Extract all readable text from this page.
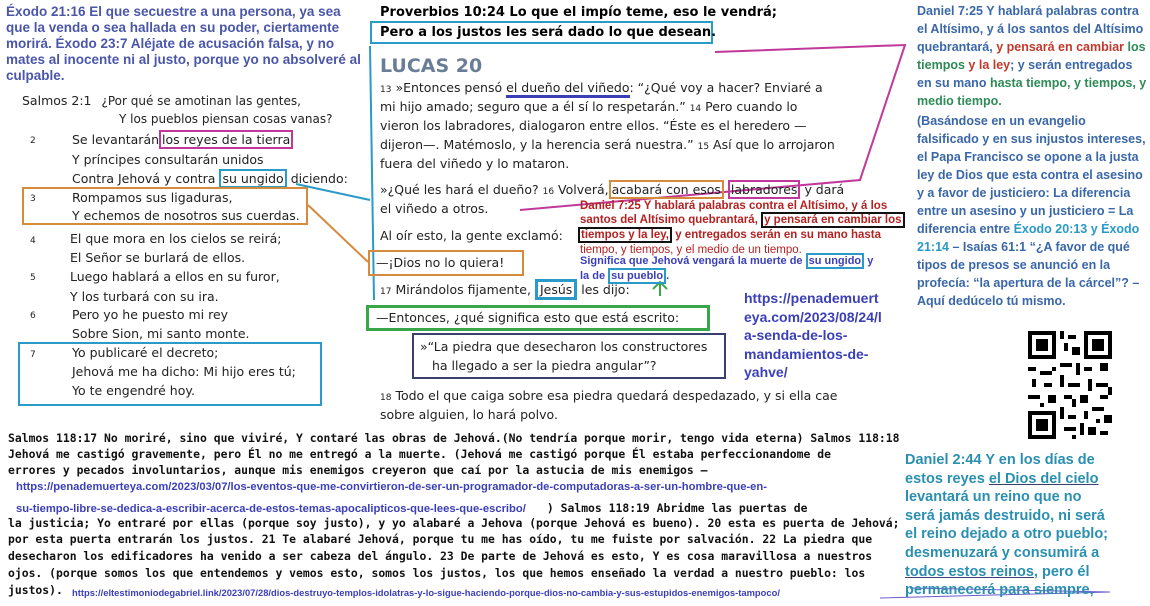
Éxodo 21:16 El que secuestre a una persona, ya sea que la venda o sea hallada en su poder, ciertamente morirá. Éxodo 23:7 Aléjate de acusación falsa, y no mates al inocente ni al justo, porque yo no absolveré al culpable.
Salmos 2:1 ¿Por qué se amotinan las gentes,
Y los pueblos piensan cosas vanas?
2	Se levantarán los reyes de la tierra
Y príncipes consultarán unidos
Contra Jehová y contra su ungido diciendo:
3	Rompamos sus ligaduras,
Y echemos de nosotros sus cuerdas.
4	El que mora en los cielos se reirá;
El Señor se burlará de ellos.
5	Luego hablará a ellos en su furor,
Y los turbará con su ira.
6	Pero yo he puesto mi rey
Sobre Sion, mi santo monte.
7	Yo publicaré el decreto;
Jehová me ha dicho: Mi hijo eres tú;
Yo te engendré hoy.
Proverbios 10:24 Lo que el impío teme, eso le vendrá;
Pero a los justos les será dado lo que desean.
LUCAS 20
13 »Entonces pensó el dueño del viñedo: “¿Qué voy a hacer? Enviaré a
mi hijo amado; seguro que a él sí lo respetarán.” 14 Pero cuando lo
vieron los labradores, dialogaron entre ellos. “Éste es el heredero —
dijeron—. Matémoslo, y la herencia será nuestra.” 15 Así que lo arrojaron
fuera del viñedo y lo mataron.
»¿Qué les hará el dueño? 16 Volverá, acabará con esos labradores y dará
el viñedo a otros.
Al oír esto, la gente exclamó:
—¡Dios no lo quiera!
17 Mirándolos fijamente, Jesús les dijo:
—Entonces, ¿qué significa esto que está escrito:
»“La piedra que desecharon los constructores
ha llegado a ser la piedra angular”?
18 Todo el que caiga sobre esa piedra quedará despedazado, y si ella cae
sobre alguien, lo hará polvo.
Daniel 7:25 Y hablará palabras contra el Altísimo, y á los
santos del Altísimo quebrantará, y pensará en cambiar los
tiempos y la ley, y entregados serán en su mano hasta
tiempo, y tiempos, y el medio de un tiempo.
Significa que Jehová vengará la muerte de su ungido y
la de su pueblo .
https://penademuert
eya.com/2023/08/24/l
a-senda-de-los-
mandamientos-de-
yahve/
Daniel 7:25 Y hablará palabras contra el Altísimo, y á los santos del Altísimo quebrantará, y pensará en cambiar los tiempos y la ley; y serán entregados en su mano hasta tiempo, y tiempos, y medio tiempo.
(Basándose en un evangelio falsificado y en sus injustos intereses, el Papa Francisco se opone a la justa ley de Dios que esta contra el asesino y a favor de justiciero: La diferencia entre un asesino y un justiciero = La diferencia entre Éxodo 20:13 y Éxodo 21:14 – Isaías 61:1 “¿A favor de qué tipos de presos se anunció en la profecía: “la apertura de la cárcel”? – Aquí dedúcelo tú mismo.
Salmos 118:17 No moriré, sino que viviré, Y contaré las obras de Jehová.(No tendría porque morir, tengo vida eterna) Salmos 118:18
Jehová me castigó gravemente, pero Él no me entregó a la muerte. (Jehová me castigó porque Él estaba perfeccionandome de
errores y pecados involuntarios, aunque mis enemigos creyeron que caí por la astucia de mis enemigos –
https://penademuerteya.com/2023/03/07/los-eventos-que-me-convirtieron-de-ser-un-programador-de-computadoras-a-ser-un-hombre-que-en-
su-tiempo-libre-se-dedica-a-escribir-acerca-de-estos-temas-apocalipticos-que-lees-que-escribo/ ) Salmos 118:19 Abridme las puertas de
la justicia; Yo entraré por ellas (porque soy justo), y yo alabaré a Jehova (porque Jehová es bueno). 20 esta es puerta de Jehová;
por esta puerta entrarán los justos. 21 Te alabaré Jehová, porque tu me has oído, tu me fuiste por salvación. 22 La piedra que
desecharon los edificadores ha venido a ser cabeza del ángulo. 23 De parte de Jehová es esto, Y es cosa maravillosa a nuestros
ojos. (porque somos los que entendemos y vemos esto, somos los justos, los que hemos enseñado la verdad a nuestro pueblo: los
justos). https://eltestimoniodegabriel.link/2023/07/28/dios-destruyo-templos-idolatras-y-lo-sigue-haciendo-porque-dios-no-cambia-y-sus-estupidos-enemigos-tampoco/
Daniel 2:44 Y en los días de
estos reyes el Dios del cielo
levantará un reino que no
será jamás destruido, ni será
el reino dejado a otro pueblo;
desmenuzará y consumirá a
todos estos reinos, pero él
permanecerá para siempre,
